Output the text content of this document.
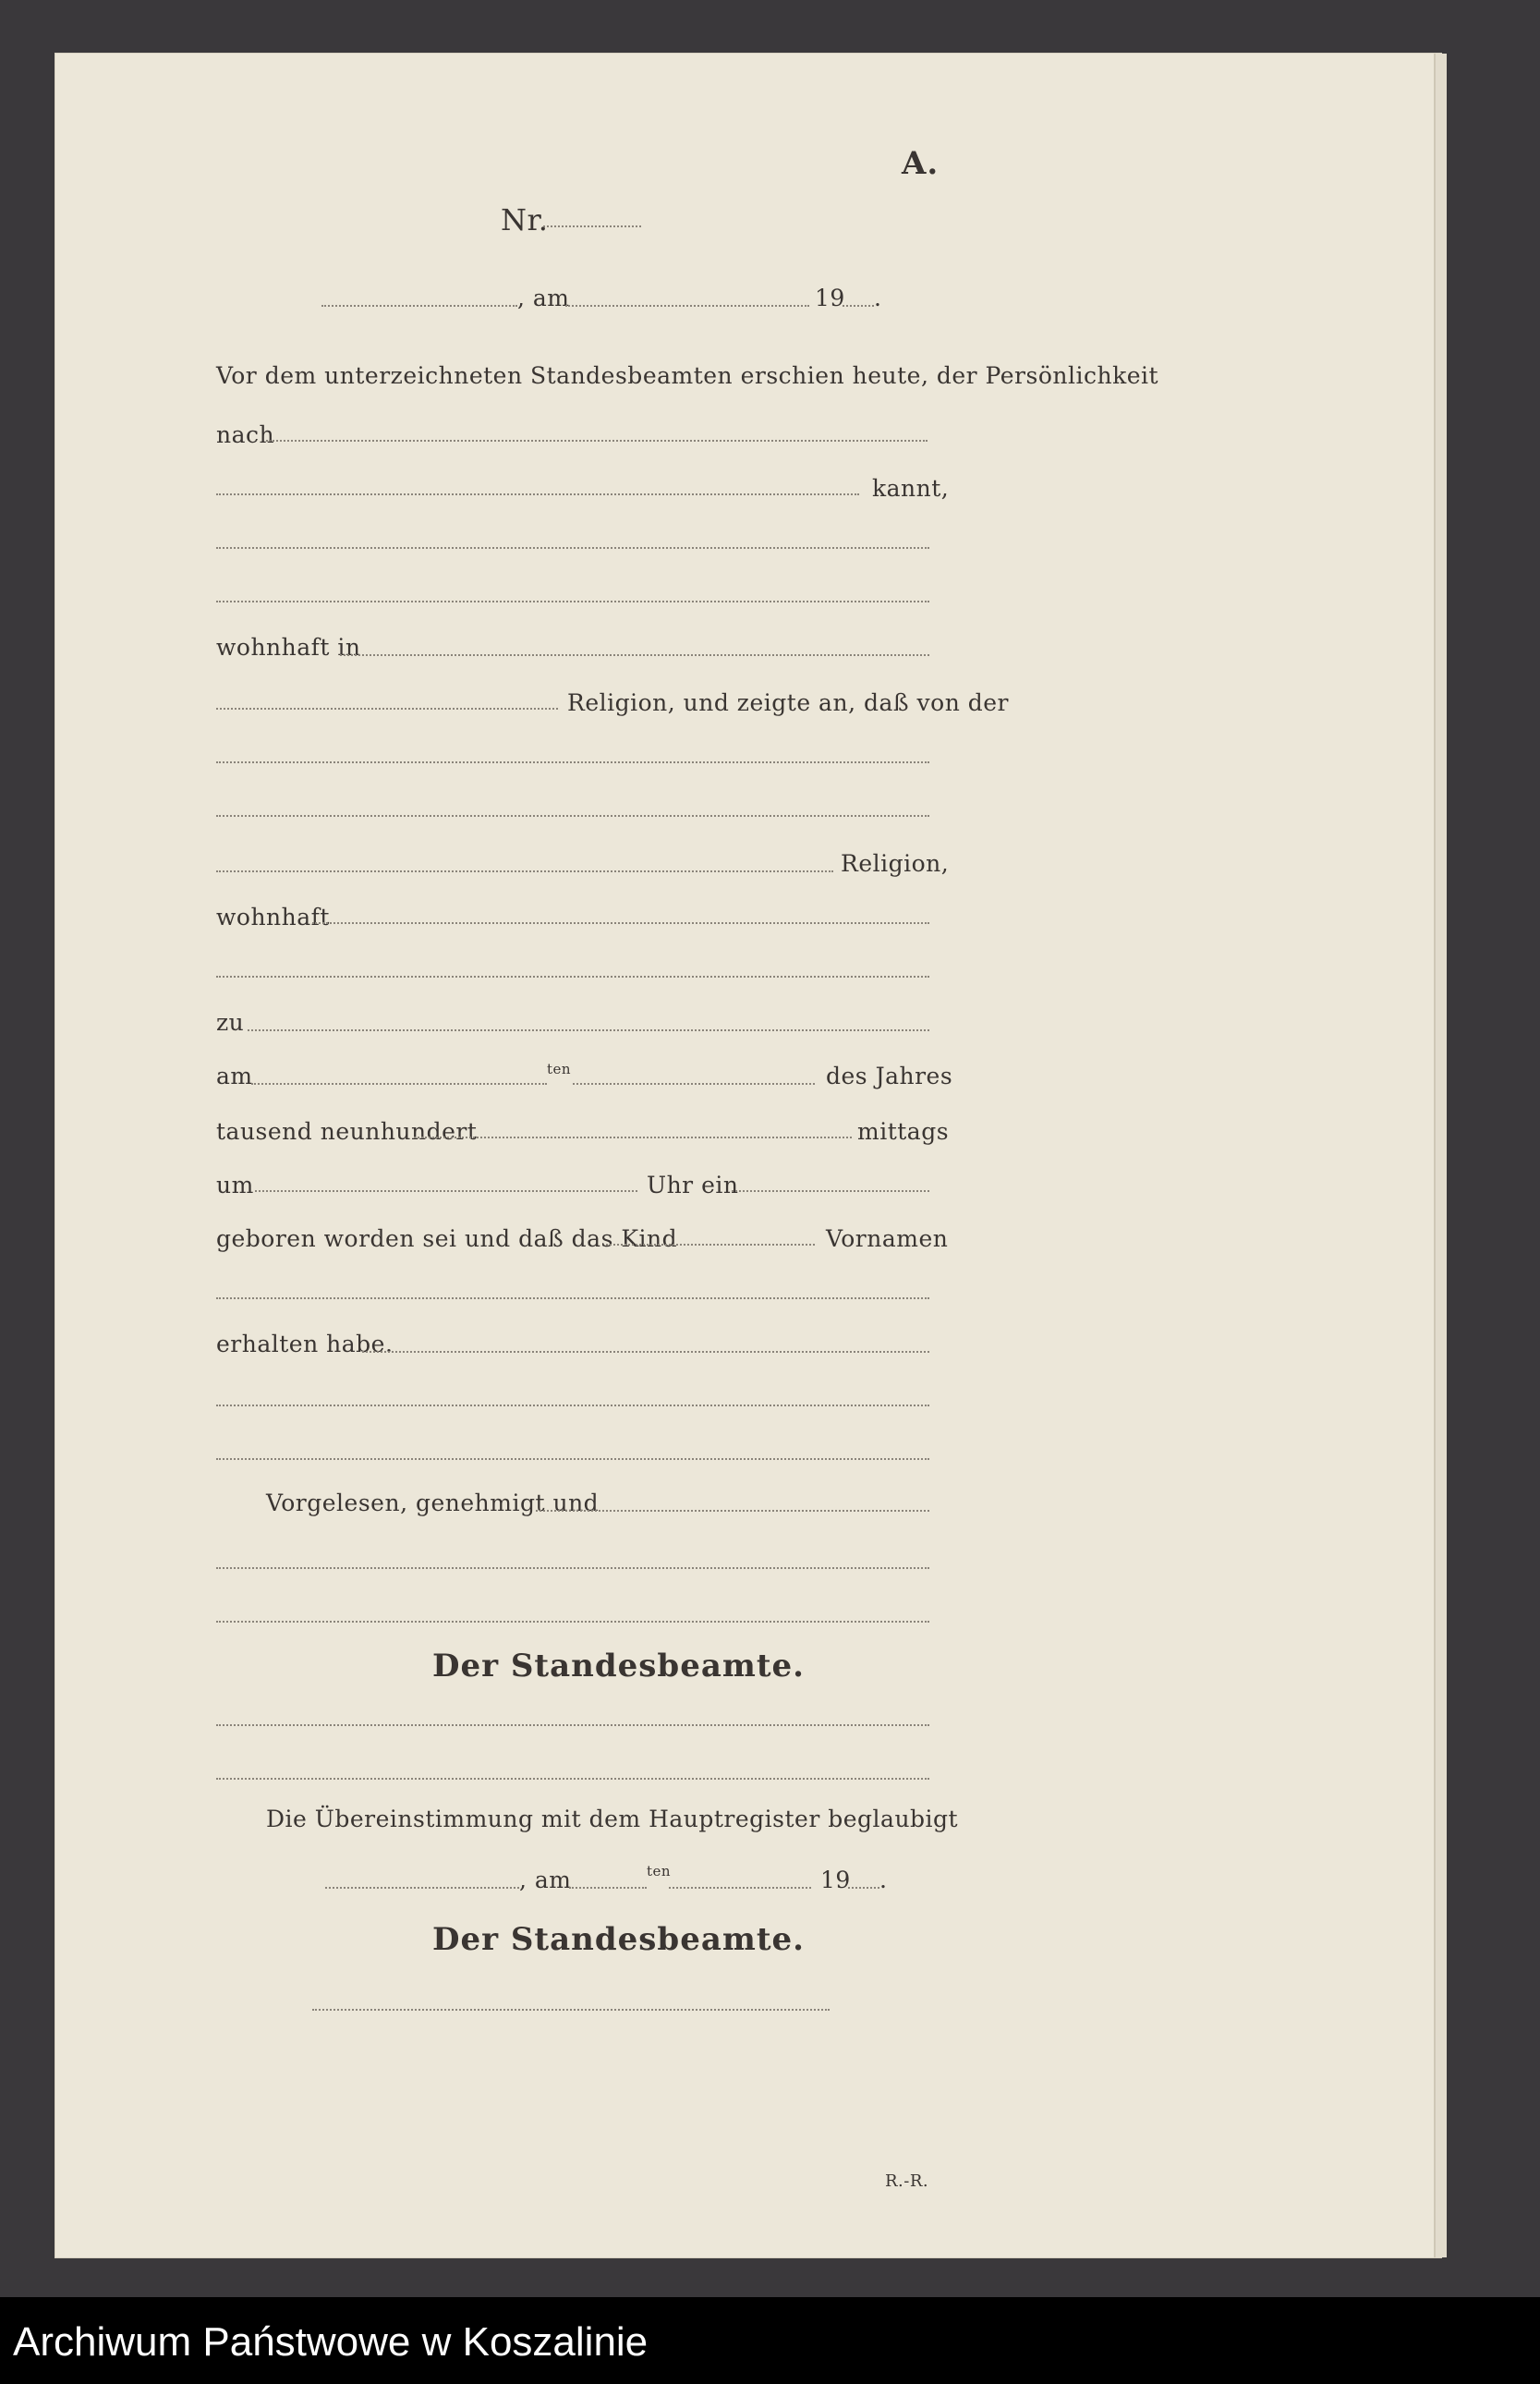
A.
Nr.
, am	19 .
Vor dem unterzeichneten Standesbeamten erschien heute, der Persönlichkeit
nach
kannt,
wohnhaft in
Religion, und zeigte an, daß von der
Religion,
wohnhaft
zu
am	ten	des Jahres
tausend neunhundert	mittags
um	Uhr ein
geboren worden sei und daß das Kind	Vornamen
erhalten habe.
Vorgelesen, genehmigt und
Der Standesbeamte.
Die Übereinstimmung mit dem Hauptregister beglaubigt
, am	ten	19 .
Der Standesbeamte.
R.-R.
Archiwum Państwowe w Koszalinie
